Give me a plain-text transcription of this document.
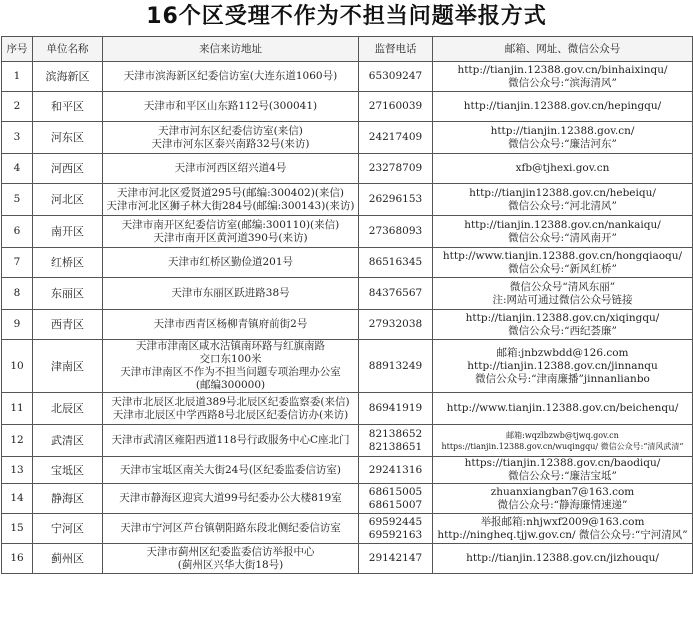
16个区受理不作为不担当问题举报方式
序号	单位名称	来信来访地址	监督电话	邮箱、网址、微信公众号
1	滨海新区	天津市滨海新区纪委信访室(大连东道1060号)	65309247	http://tianjin.12388.gov.cn/binhaixinqu/
微信公众号:“滨海清风”

2	和平区	天津市和平区山东路112号(300041)	27160039	http://tianjin.12388.gov.cn/hepingqu/

3	河东区	天津市河东区纪委信访室(来信)
天津市河东区泰兴南路32号(来访)	24217409	http://tianjin.12388.gov.cn/
微信公众号:“廉洁河东”

4	河西区	天津市河西区绍兴道4号	23278709	xfb@tjhexi.gov.cn

5	河北区	天津市河北区爱贤道295号(邮编:300402)(来信)
天津市河北区狮子林大街284号(邮编:300143)(来访)	26296153	http://tianjin12388.gov.cn/hebeiqu/
微信公众号:“河北清风”

6	南开区	天津市南开区纪委信访室(邮编:300110)(来信)
天津市南开区黄河道390号(来访)	27368093	http://tianjin.12388.gov.cn/nankaiqu/
微信公众号:“清风南开”

7	红桥区	天津市红桥区勤俭道201号	86516345	http://www.tianjin.12388.gov.cn/hongqiaoqu/
微信公众号:“新风红桥”

8	东丽区	天津市东丽区跃进路38号	84376567	微信公众号“清风东丽”
注:网站可通过微信公众号链接

9	西青区	天津市西青区杨柳青镇府前街2号	27932038	http://tianjin.12388.gov.cn/xiqingqu/
微信公众号:“西纪荟廉”

10	津南区	天津市津南区咸水沽镇南环路与红旗南路
交口东100米
天津市津南区不作为不担当问题专项治理办公室
(邮编300000)	88913249	邮箱:jnbzwbdd@126.com
http://tianjin.12388.gov.cn/jinnanqu
微信公众号:“津南廉播”jinnanlianbo

11	北辰区	天津市北辰区北辰道389号北辰区纪委监察委(来信)
天津市北辰区中学西路8号北辰区纪委信访办(来访)	86941919	http://www.tianjin.12388.gov.cn/beichenqu/

12	武清区	天津市武清区雍阳西道118号行政服务中心C座北门	82138652
82138651	邮箱:wqzlbzwb@tjwq.gov.cn
https://tianjin.12388.gov.cn/wuqingqu/ 微信公众号:“清风武清”

13	宝坻区	天津市宝坻区南关大街24号(区纪委监委信访室)	29241316	https://tianjin.12388.gov.cn/baodiqu/
微信公众号:“廉洁宝坻”

14	静海区	天津市静海区迎宾大道99号纪委办公大楼819室	68615005
68615007	zhuanxiangban7@163.com
微信公众号:“静海廉情速递”

15	宁河区	天津市宁河区芦台镇朝阳路东段北侧纪委信访室	69592445
69592163	举报邮箱:nhjwxf2009@163.com
http://ningheq.tjjw.gov.cn/ 微信公众号:“宁河清风”

16	蓟州区	天津市蓟州区纪委监委信访举报中心
(蓟州区兴华大街18号)	29142147	http://tianjin.12388.gov.cn/jizhouqu/
